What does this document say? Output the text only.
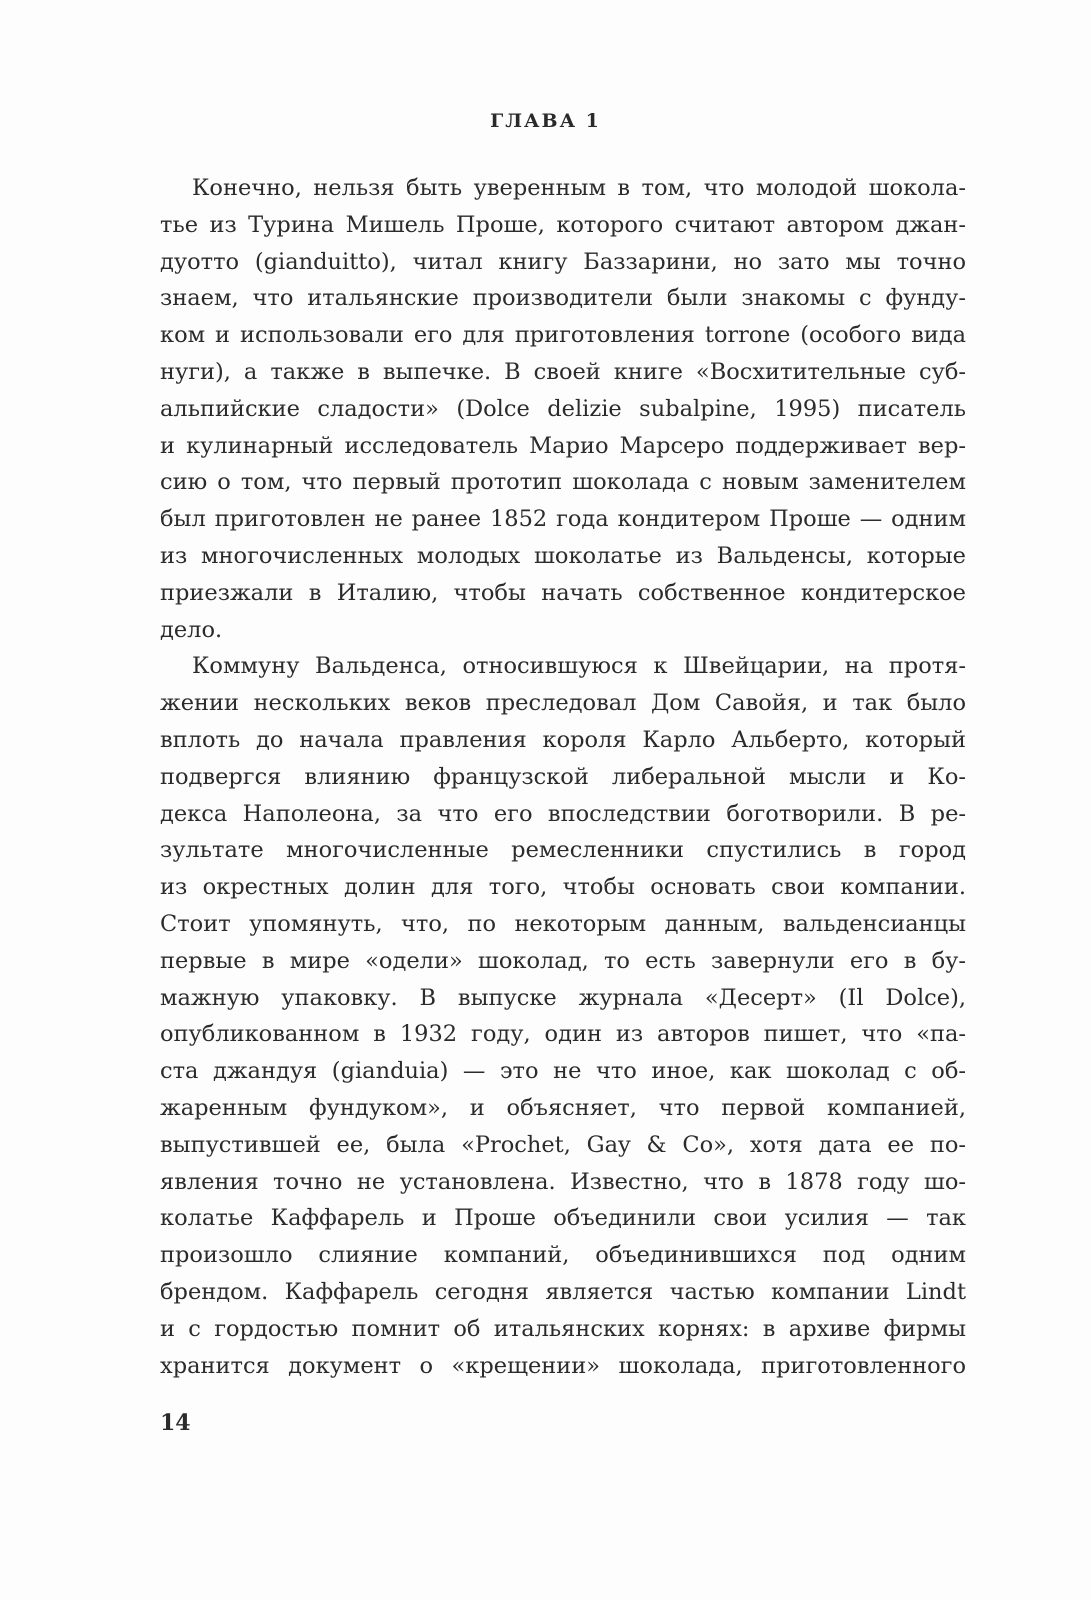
ГЛАВА 1
Конечно, нельзя быть уверенным в том, что молодой шокола-
тье из Турина Мишель Проше, которого считают автором джан-
дуотто (gianduitto), читал книгу Баззарини, но зато мы точно
знаем, что итальянские производители были знакомы с фунду-
ком и использовали его для приготовления torrone (особого вида
нуги), а также в выпечке. В своей книге «Восхитительные суб-
альпийские сладости» (Dolce delizie subalpine, 1995) писатель
и кулинарный исследователь Марио Марсеро поддерживает вер-
сию о том, что первый прототип шоколада с новым заменителем
был приготовлен не ранее 1852 года кондитером Проше — одним
из многочисленных молодых шоколатье из Вальденсы, которые
приезжали в Италию, чтобы начать собственное кондитерское
дело.
Коммуну Вальденса, относившуюся к Швейцарии, на протя-
жении нескольких веков преследовал Дом Савойя, и так было
вплоть до начала правления короля Карло Альберто, который
подвергся влиянию французской либеральной мысли и Ко-
декса Наполеона, за что его впоследствии боготворили. В ре-
зультате многочисленные ремесленники спустились в город
из окрестных долин для того, чтобы основать свои компании.
Стоит упомянуть, что, по некоторым данным, вальденсианцы
первые в мире «одели» шоколад, то есть завернули его в бу-
мажную упаковку. В выпуске журнала «Десерт» (Il Dolce),
опубликованном в 1932 году, один из авторов пишет, что «па-
ста джандуя (gianduia) — это не что иное, как шоколад с об-
жаренным фундуком», и объясняет, что первой компанией,
выпустившей ее, была «Prochet, Gay & Co», хотя дата ее по-
явления точно не установлена. Известно, что в 1878 году шо-
колатье Каффарель и Проше объединили свои усилия — так
произошло слияние компаний, объединившихся под одним
брендом. Каффарель сегодня является частью компании Lindt
и с гордостью помнит об итальянских корнях: в архиве фирмы
хранится документ о «крещении» шоколада, приготовленного
14
